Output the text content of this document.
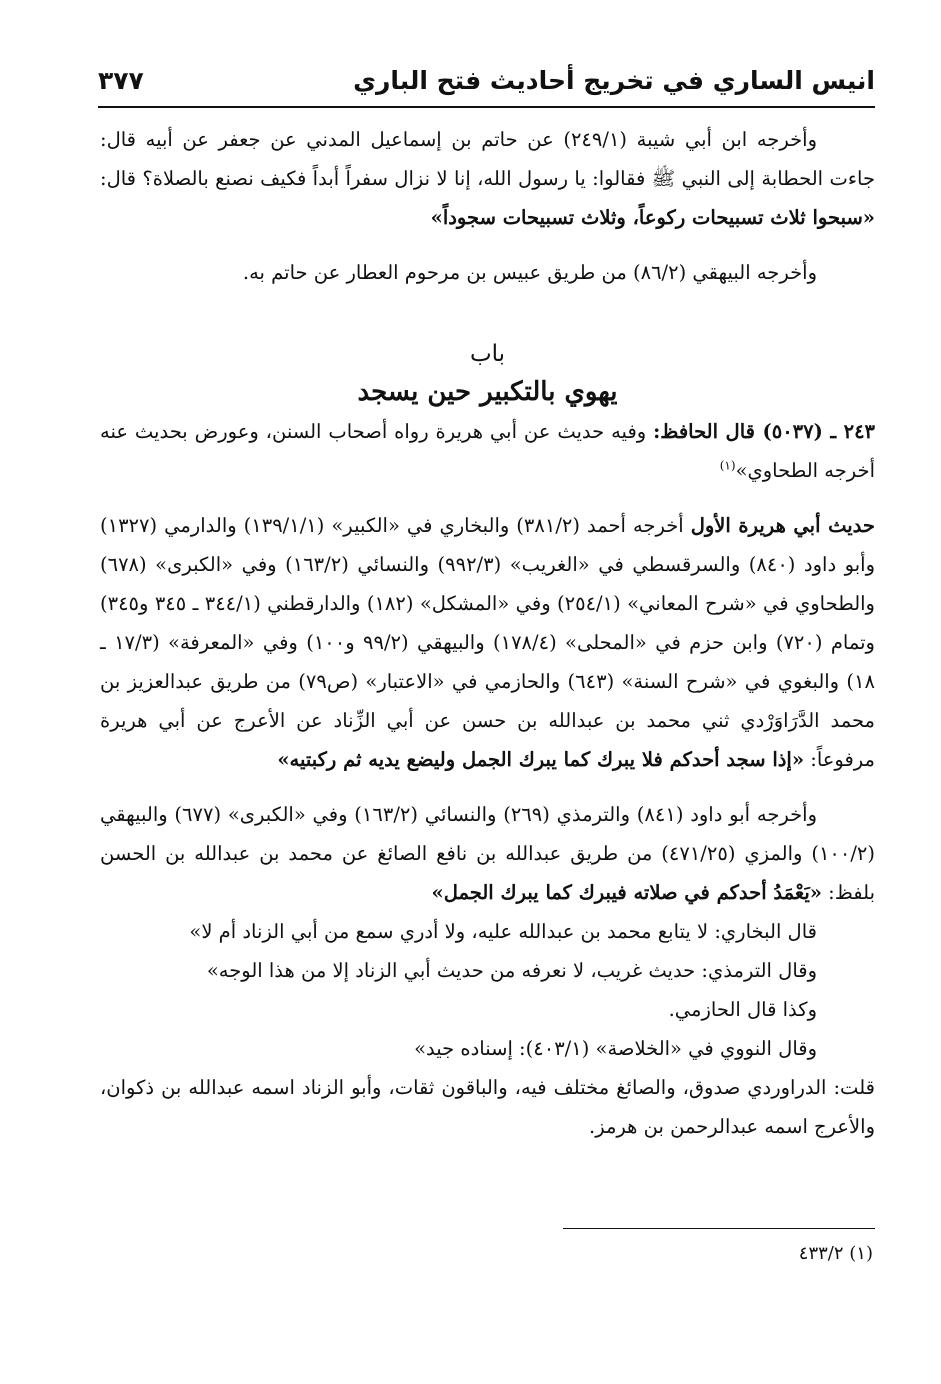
انيس الساري في تخريج أحاديث فتح الباري
٣٧٧

وأخرجه ابن أبي شيبة (٢٤٩/١) عن حاتم بن إسماعيل المدني عن جعفر عن أبيه قال: جاءت الحطابة إلى النبي ﷺ فقالوا: يا رسول الله، إنا لا نزال سفراً أبداً فكيف نصنع بالصلاة؟ قال: «سبحوا ثلاث تسبيحات ركوعاً، وثلاث تسبيحات سجوداً»

وأخرجه البيهقي (٨٦/٢) من طريق عبيس بن مرحوم العطار عن حاتم به.

باب

يهوي بالتكبير حين يسجد

٢٤٣ ـ (٥٠٣٧) قال الحافظ: وفيه حديث عن أبي هريرة رواه أصحاب السنن، وعورض بحديث عنه أخرجه الطحاوي»$^{(١)}$

حديث أبي هريرة الأول أخرجه أحمد (٣٨١/٢) والبخاري في «الكبير» (١٣٩/١/١) والدارمي (١٣٢٧) وأبو داود (٨٤٠) والسرقسطي في «الغريب» (٩٩٢/٣) والنسائي (١٦٣/٢) وفي «الكبرى» (٦٧٨) والطحاوي في «شرح المعاني» (٢٥٤/١) وفي «المشكل» (١٨٢) والدارقطني (٣٤٤/١ ـ ٣٤٥ و٣٤٥) وتمام (٧٢٠) وابن حزم في «المحلى» (١٧٨/٤) والبيهقي (٩٩/٢ و١٠٠) وفي «المعرفة» (١٧/٣ ـ ١٨) والبغوي في «شرح السنة» (٦٤٣) والحازمي في «الاعتبار» (ص٧٩) من طريق عبدالعزيز بن محمد الدَّرَاوَرْدي ثني محمد بن عبدالله بن حسن عن أبي الزِّناد عن الأعرج عن أبي هريرة مرفوعاً: «إذا سجد أحدكم فلا يبرك كما يبرك الجمل وليضع يديه ثم ركبتيه»

وأخرجه أبو داود (٨٤١) والترمذي (٢٦٩) والنسائي (١٦٣/٢) وفي «الكبرى» (٦٧٧) والبيهقي (١٠٠/٢) والمزي (٤٧١/٢٥) من طريق عبدالله بن نافع الصائغ عن محمد بن عبدالله بن الحسن بلفظ: «يَعْمَدُ أحدكم في صلاته فيبرك كما يبرك الجمل»

قال البخاري: لا يتابع محمد بن عبدالله عليه، ولا أدري سمع من أبي الزناد أم لا»

وقال الترمذي: حديث غريب، لا نعرفه من حديث أبي الزناد إلا من هذا الوجه»

وكذا قال الحازمي.

وقال النووي في «الخلاصة» (٤٠٣/١): إسناده جيد»

قلت: الدراوردي صدوق، والصائغ مختلف فيه، والباقون ثقات، وأبو الزناد اسمه عبدالله بن ذكوان، والأعرج اسمه عبدالرحمن بن هرمز.

(١) ٤٣٣/٢
